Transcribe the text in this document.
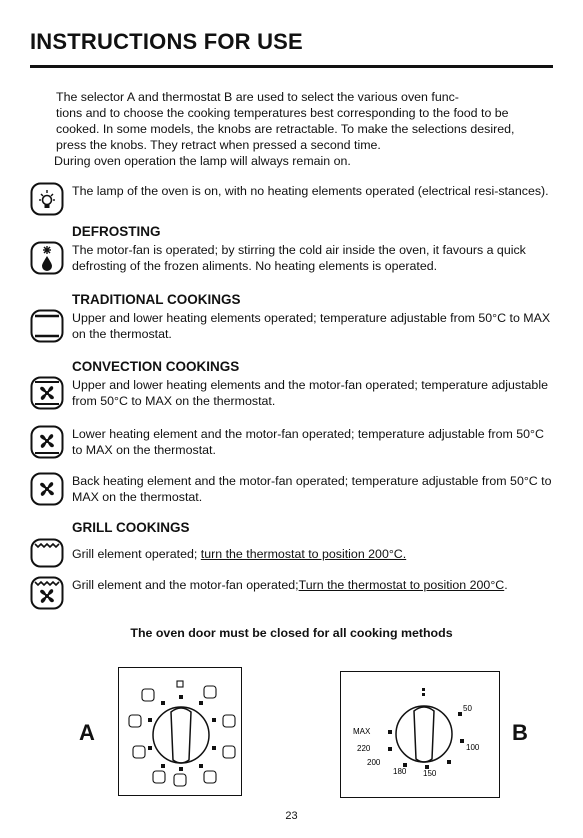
INSTRUCTIONS FOR USE

The selector A and thermostat B are used to select the various oven func-

tions and to choose the cooking temperatures best corresponding to the food to be

cooked. In some models, the knobs are retractable. To make the selections desired,

press the knobs. They retract when pressed a second time.

During oven operation the lamp will always remain on.

The lamp of the oven is on, with no heating elements operated (electrical resi-stances).
DEFROSTING
The motor-fan is operated; by stirring the cold air inside the oven, it favours a quick defrosting of the frozen aliments. No heating elements is operated.
TRADITIONAL COOKINGS
Upper and lower heating elements operated; temperature adjustable from 50°C to MAX on the thermostat.
CONVECTION COOKINGS
Upper and lower heating elements and the motor-fan operated; temperature adjustable from 50°C to MAX on the thermostat.
Lower heating element and the motor-fan operated; temperature adjustable from 50°C to MAX on the thermostat.
Back heating element and the motor-fan operated; temperature adjustable from 50°C to MAX on the thermostat.
GRILL COOKINGS
Grill element operated; turn the thermostat to position 200°C.
Grill element and the motor-fan operated;Turn the thermostat to position 200°C.
The oven door must be closed for all cooking methods
A
50
100
150
180
200
220
MAX	B
23
